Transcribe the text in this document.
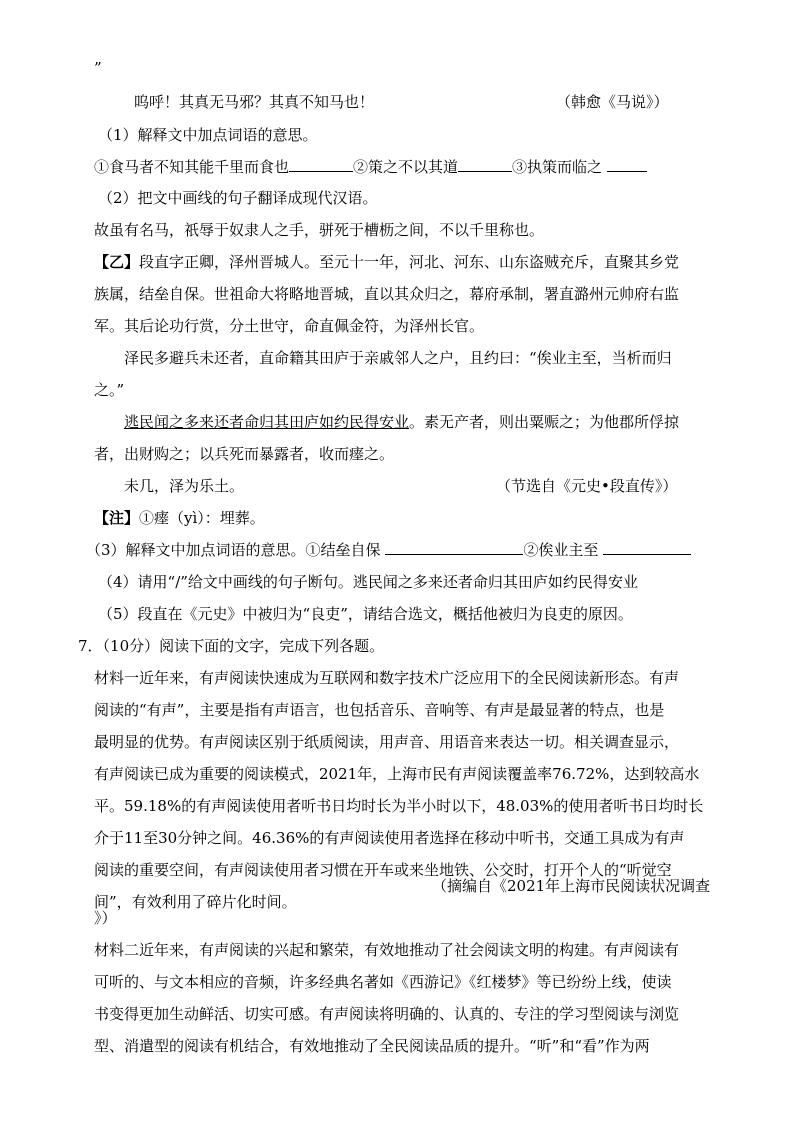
”
呜呼！其真无马邪？其真不知马也！	（韩愈《马说》）
（1）解释文中加点词语的意思。
①食马者不知其能千里而食也	②策之不以其道	③执策而临之
（2）把文中画线的句子翻译成现代汉语。
故虽有名马，祇辱于奴隶人之手，骈死于槽枥之间，不以千里称也。
【乙】段直字正卿，泽州晋城人。至元十一年，河北、河东、山东盗贼充斥，直聚其乡党
族属，结垒自保。世祖命大将略地晋城，直以其众归之，幕府承制，署直潞州元帅府右监
军。其后论功行赏，分土世守，命直佩金符，为泽州长官。
泽民多避兵未还者，直命籍其田庐于亲戚邻人之户，且约曰：“俟业主至，当析而归
之。”
逃民闻之多来还者命归其田庐如约民得安业。素无产者，则出粟赈之；为他郡所俘掠
者，出财购之；以兵死而暴露者，收而瘗之。
未几，泽为乐土。	（节选自《元史•段直传》）
【注】①瘗（yì）：埋葬。
（3）解释文中加点词语的意思。①结垒自保	②俟业主至
（4）请用“/”给文中画线的句子断句。逃民闻之多来还者命归其田庐如约民得安业
（5）段直在《元史》中被归为“良吏”，请结合选文，概括他被归为良吏的原因。
7．（10分）阅读下面的文字，完成下列各题。
材料一近年来，有声阅读快速成为互联网和数字技术广泛应用下的全民阅读新形态。有声
阅读的“有声”，主要是指有声语言，也包括音乐、音响等、有声是最显著的特点，也是
最明显的优势。有声阅读区别于纸质阅读，用声音、用语音来表达一切。相关调查显示，
有声阅读已成为重要的阅读模式，2021年，上海市民有声阅读覆盖率76.72%，达到较高水
平。59.18%的有声阅读使用者听书日均时长为半小时以下，48.03%的使用者听书日均时长
介于11至30分钟之间。46.36%的有声阅读使用者选择在移动中听书，交通工具成为有声
阅读的重要空间，有声阅读使用者习惯在开车或来坐地铁、公交时，打开个人的“听觉空
间”，有效利用了碎片化时间。
（摘编自《2021年上海市民阅读状况调查
》）
材料二近年来，有声阅读的兴起和繁荣，有效地推动了社会阅读文明的构建。有声阅读有
可听的、与文本相应的音频，许多经典名著如《西游记》《红楼梦》等已纷纷上线，使读
书变得更加生动鲜活、切实可感。有声阅读将明确的、认真的、专注的学习型阅读与浏览
型、消遣型的阅读有机结合，有效地推动了全民阅读品质的提升。“听”和“看”作为两
